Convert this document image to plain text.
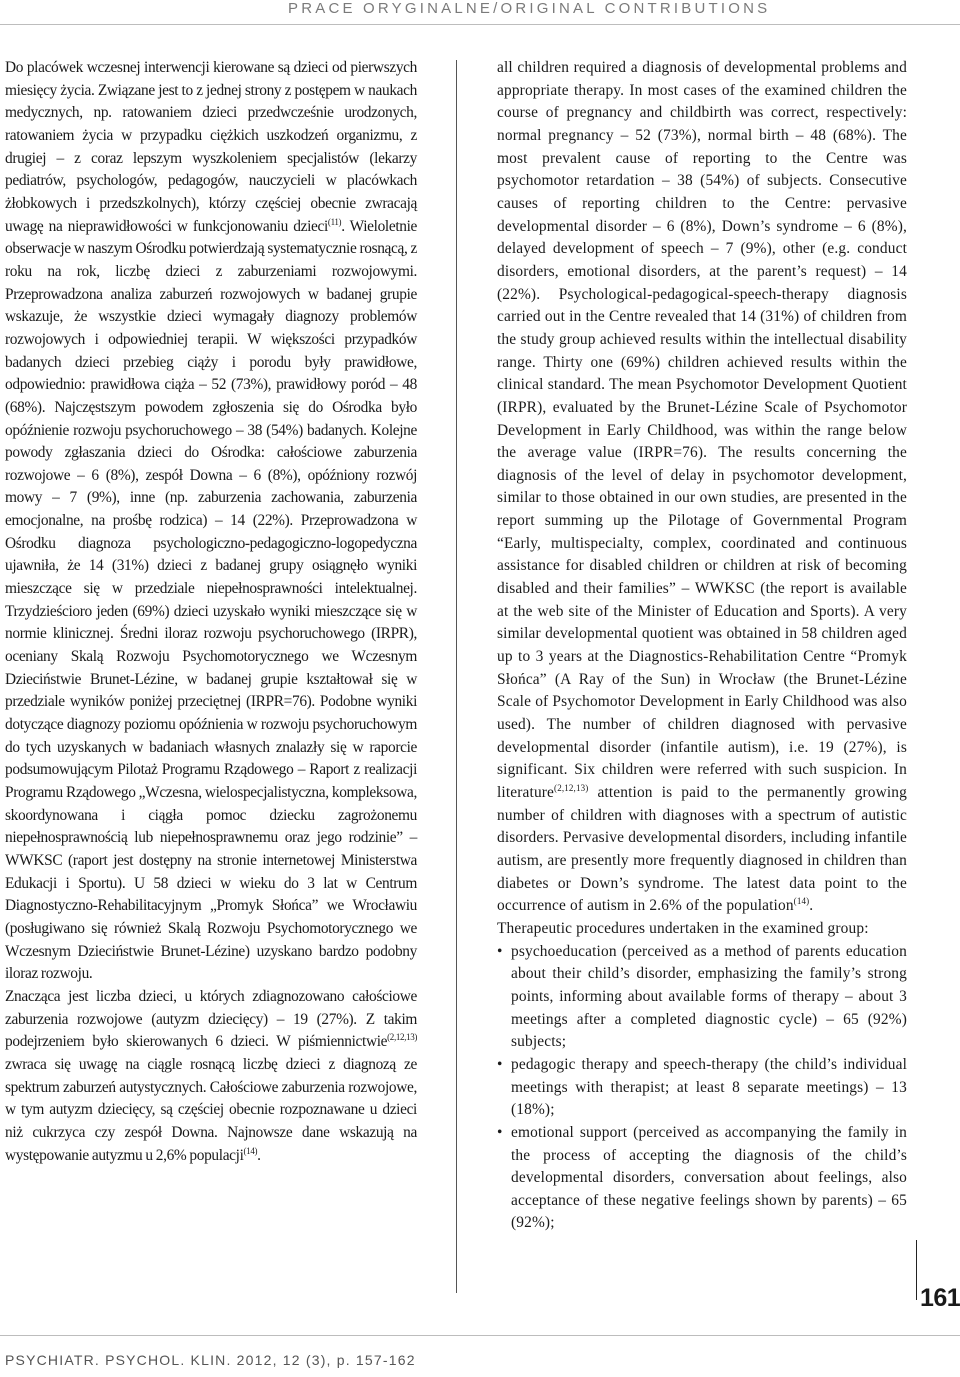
PRACE ORYGINALNE/ORIGINAL CONTRIBUTIONS

Do placówek wczesnej interwencji kierowane są dzieci od pierwszych miesięcy życia. Związane jest to z jednej strony z postępem w naukach medycznych, np. ratowaniem dzieci przedwcześnie urodzonych, ratowaniem życia w przypadku ciężkich uszkodzeń organizmu, z drugiej – z coraz lepszym wyszkoleniem specjalistów (lekarzy pediatrów, psychologów, pedagogów, nauczycieli w placówkach żłobkowych i przedszkolnych), którzy częściej obecnie zwracają uwagę na nieprawidłowości w funkcjonowaniu dzieci$^{(11)}$. Wieloletnie obserwacje w naszym Ośrodku potwierdzają systematycznie rosnącą, z roku na rok, liczbę dzieci z zaburzeniami rozwojowymi. Przeprowadzona analiza zaburzeń rozwojowych w badanej grupie wskazuje, że wszystkie dzieci wymagały diagnozy problemów rozwojowych i odpowiedniej terapii. W większości przypadków badanych dzieci przebieg ciąży i porodu były prawidłowe, odpowiednio: prawidłowa ciąża – 52 (73%), prawidłowy poród – 48 (68%). Najczęstszym powodem zgłoszenia się do Ośrodka było opóźnienie rozwoju psychoruchowego – 38 (54%) badanych. Kolejne powody zgłaszania dzieci do Ośrodka: całościowe zaburzenia rozwojowe – 6 (8%), zespół Downa – 6 (8%), opóźniony rozwój mowy – 7 (9%), inne (np. zaburzenia zachowania, zaburzenia emocjonalne, na prośbę rodzica) – 14 (22%). Przeprowadzona w Ośrodku diagnoza psychologiczno-pedagogiczno-logopedyczna ujawniła, że 14 (31%) dzieci z badanej grupy osiągnęło wyniki mieszczące się w przedziale niepełnosprawności intelektualnej. Trzydzieścioro jeden (69%) dzieci uzyskało wyniki mieszczące się w normie klinicznej. Średni iloraz rozwoju psychoruchowego (IRPR), oceniany Skalą Rozwoju Psychomotorycznego we Wczesnym Dzieciństwie Brunet-Lézine, w badanej grupie kształtował się w przedziale wyników poniżej przeciętnej (IRPR=76). Podobne wyniki dotyczące diagnozy poziomu opóźnienia w rozwoju psychoruchowym do tych uzyskanych w badaniach własnych znalazły się w raporcie podsumowującym Pilotaż Programu Rządowego – Raport z realizacji Programu Rządowego „Wczesna, wielospecjalistyczna, kompleksowa, skoordynowana i ciągła pomoc dziecku zagrożonemu niepełnosprawnością lub niepełnosprawnemu oraz jego rodzinie” – WWKSC (raport jest dostępny na stronie internetowej Ministerstwa Edukacji i Sportu). U 58 dzieci w wieku do 3 lat w Centrum Diagnostyczno-Rehabilitacyjnym „Promyk Słońca” we Wrocławiu (posługiwano się również Skalą Rozwoju Psychomotorycznego we Wczesnym Dzieciństwie Brunet-Lézine) uzyskano bardzo podobny iloraz rozwoju.

Znacząca jest liczba dzieci, u których zdiagnozowano całościowe zaburzenia rozwojowe (autyzm dziecięcy) – 19 (27%). Z takim podejrzeniem było skierowanych 6 dzieci. W piśmiennictwie$^{(2,12,13)}$ zwraca się uwagę na ciągle rosnącą liczbę dzieci z diagnozą ze spektrum zaburzeń autystycznych. Całościowe zaburzenia rozwojowe, w tym autyzm dziecięcy, są częściej obecnie rozpoznawane u dzieci niż cukrzyca czy zespół Downa. Najnowsze dane wskazują na występowanie autyzmu u 2,6% populacji$^{(14)}$.

all children required a diagnosis of developmental problems and appropriate therapy. In most cases of the examined children the course of pregnancy and childbirth was correct, respectively: normal pregnancy – 52 (73%), normal birth – 48 (68%). The most prevalent cause of reporting to the Centre was psychomotor retardation – 38 (54%) of subjects. Consecutive causes of reporting children to the Centre: pervasive developmental disorder – 6 (8%), Down’s syndrome – 6 (8%), delayed development of speech – 7 (9%), other (e.g. conduct disorders, emotional disorders, at the parent’s request) – 14 (22%). Psychological-pedagogical-speech-therapy diagnosis carried out in the Centre revealed that 14 (31%) of children from the study group achieved results within the intellectual disability range. Thirty one (69%) children achieved results within the clinical standard. The mean Psychomotor Development Quotient (IRPR), evaluated by the Brunet-Lézine Scale of Psychomotor Development in Early Childhood, was within the range below the average value (IRPR=76). The results concerning the diagnosis of the level of delay in psychomotor development, similar to those obtained in our own studies, are presented in the report summing up the Pilotage of Governmental Program “Early, multispecialty, complex, coordinated and continuous assistance for disabled children or children at risk of becoming disabled and their families” – WWKSC (the report is available at the web site of the Minister of Education and Sports). A very similar developmental quotient was obtained in 58 children aged up to 3 years at the Diagnostics-Rehabilitation Centre “Promyk Słońca” (A Ray of the Sun) in Wrocław (the Brunet-Lézine Scale of Psychomotor Development in Early Childhood was also used). The number of children diagnosed with pervasive developmental disorder (infantile autism), i.e. 19 (27%), is significant. Six children were referred with such suspicion. In literature$^{(2,12,13)}$ attention is paid to the permanently growing number of children with diagnoses with a spectrum of autistic disorders. Pervasive developmental disorders, including infantile autism, are presently more frequently diagnosed in children than diabetes or Down’s syndrome. The latest data point to the occurrence of autism in 2.6% of the population$^{(14)}$.

Therapeutic procedures undertaken in the examined group:

• psychoeducation (perceived as a method of parents education about their child’s disorder, emphasizing the family’s strong points, informing about available forms of therapy – about 3 meetings after a completed diagnostic cycle) – 65 (92%) subjects;
• pedagogic therapy and speech-therapy (the child’s individual meetings with therapist; at least 8 separate meetings) – 13 (18%);
• emotional support (perceived as accompanying the family in the process of accepting the diagnosis of the child’s developmental disorders, conversation about feelings, also acceptance of these negative feelings shown by parents) – 65 (92%);
161
PSYCHIATR. PSYCHOL. KLIN. 2012, 12 (3), p. 157-162
